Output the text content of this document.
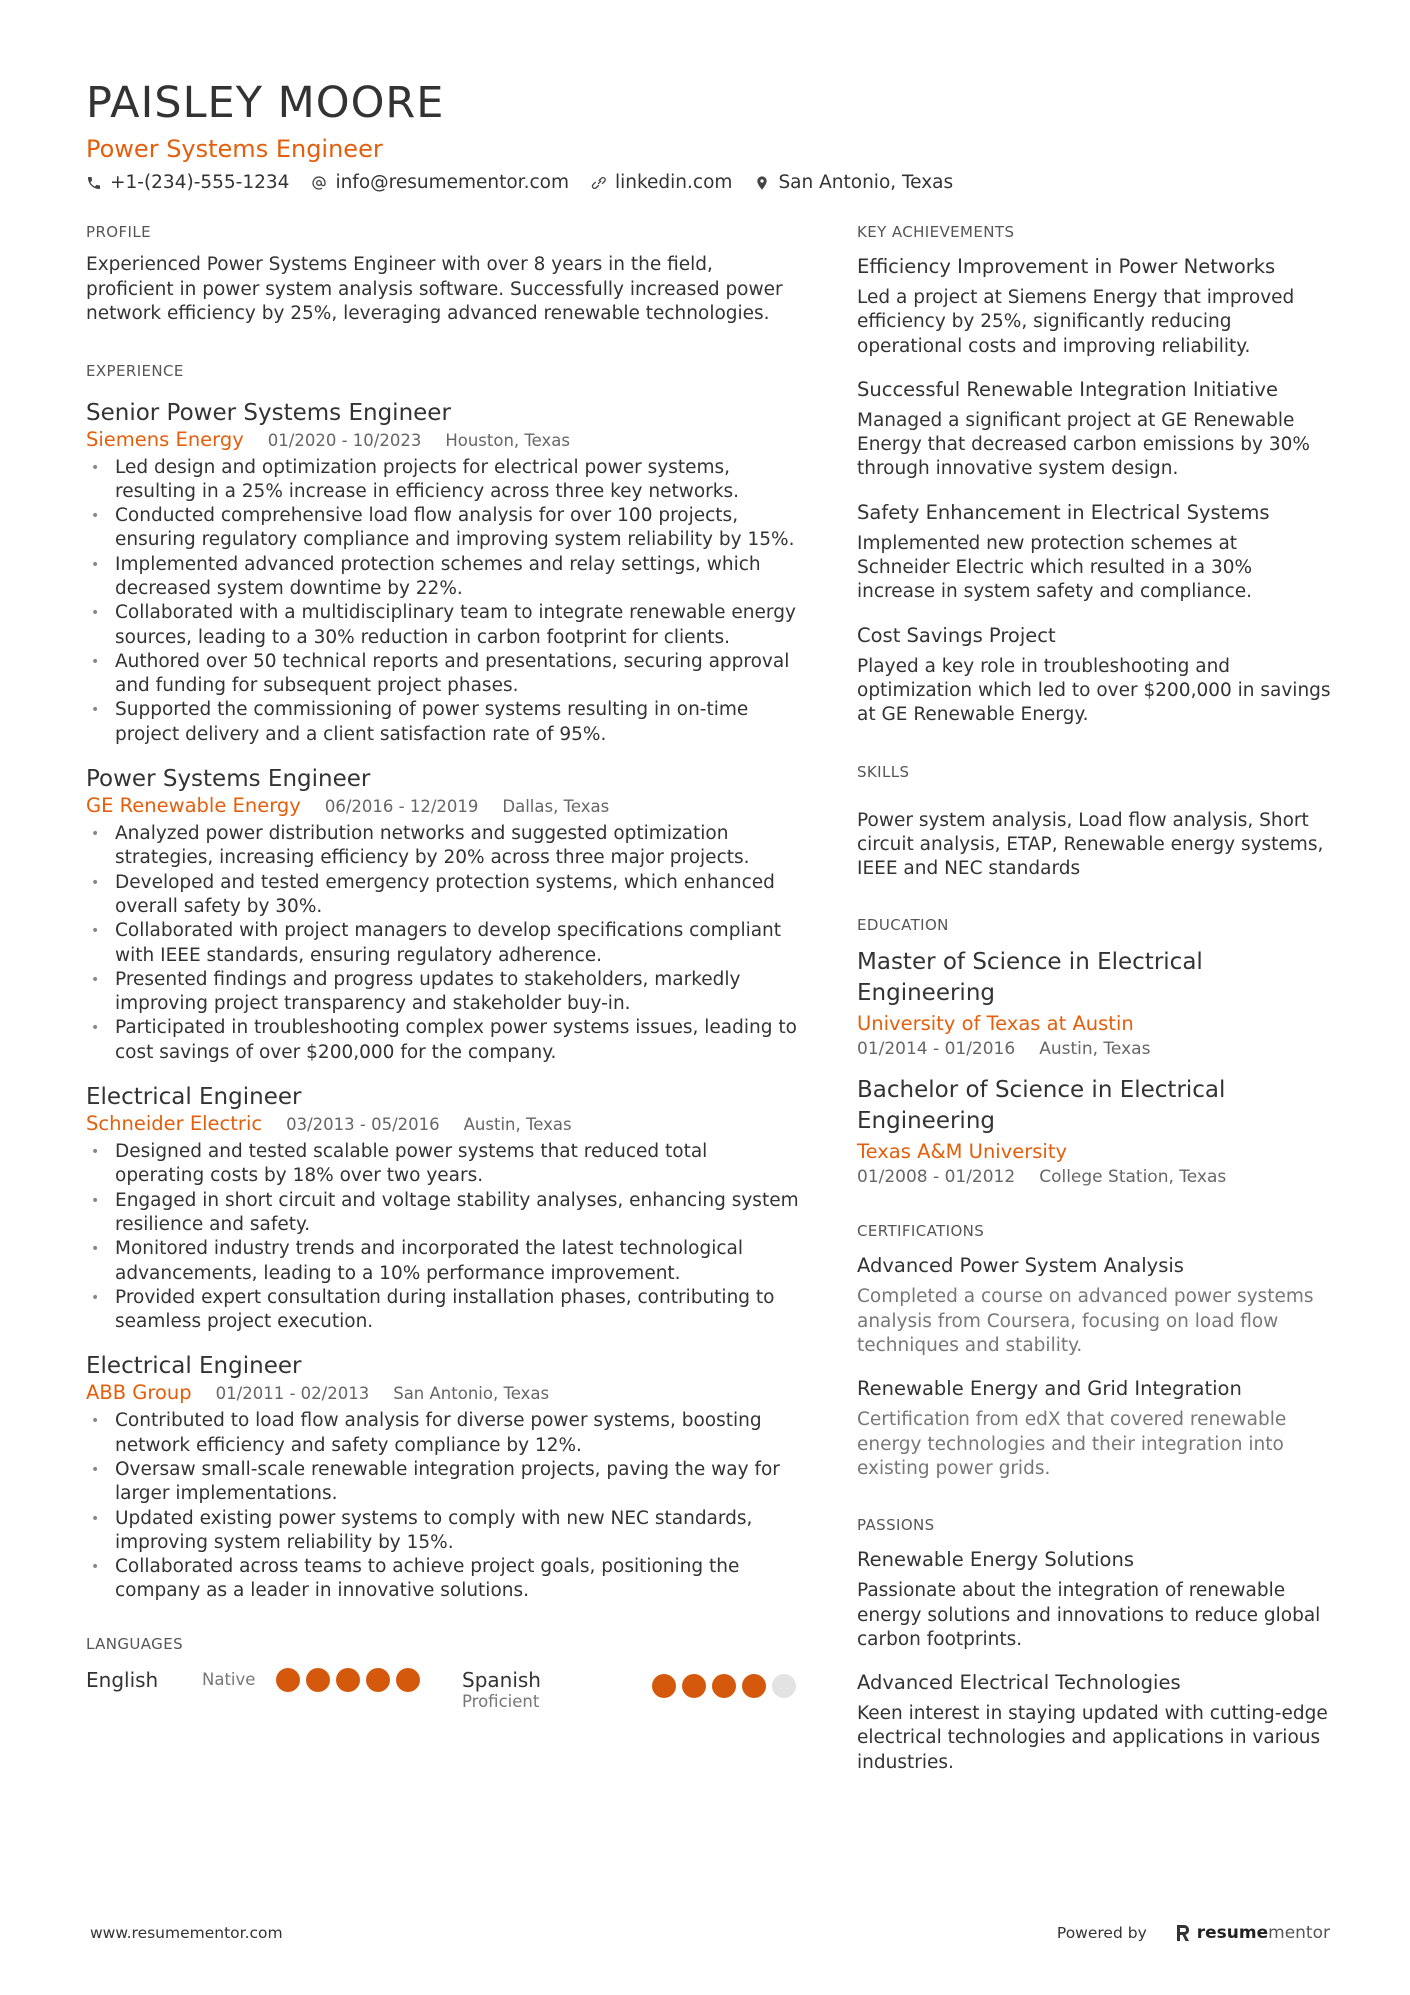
PAISLEY MOORE
Power Systems Engineer
+1-(234)-555-1234 info@resumementor.com linkedin.com San Antonio, Texas
PROFILE
Experienced Power Systems Engineer with over 8 years in the field, proficient in power system analysis software. Successfully increased power network efficiency by 25%, leveraging advanced renewable technologies.
EXPERIENCE
Senior Power Systems Engineer
Siemens Energy 01/2020 - 10/2023 Houston, Texas
• Led design and optimization projects for electrical power systems, resulting in a 25% increase in efficiency across three key networks.
• Conducted comprehensive load flow analysis for over 100 projects, ensuring regulatory compliance and improving system reliability by 15%.
• Implemented advanced protection schemes and relay settings, which decreased system downtime by 22%.
• Collaborated with a multidisciplinary team to integrate renewable energy sources, leading to a 30% reduction in carbon footprint for clients.
• Authored over 50 technical reports and presentations, securing approval and funding for subsequent project phases.
• Supported the commissioning of power systems resulting in on-time project delivery and a client satisfaction rate of 95%.
Power Systems Engineer
GE Renewable Energy 06/2016 - 12/2019 Dallas, Texas
• Analyzed power distribution networks and suggested optimization strategies, increasing efficiency by 20% across three major projects.
• Developed and tested emergency protection systems, which enhanced overall safety by 30%.
• Collaborated with project managers to develop specifications compliant with IEEE standards, ensuring regulatory adherence.
• Presented findings and progress updates to stakeholders, markedly improving project transparency and stakeholder buy-in.
• Participated in troubleshooting complex power systems issues, leading to cost savings of over $200,000 for the company.
Electrical Engineer
Schneider Electric 03/2013 - 05/2016 Austin, Texas
• Designed and tested scalable power systems that reduced total operating costs by 18% over two years.
• Engaged in short circuit and voltage stability analyses, enhancing system resilience and safety.
• Monitored industry trends and incorporated the latest technological advancements, leading to a 10% performance improvement.
• Provided expert consultation during installation phases, contributing to seamless project execution.
Electrical Engineer
ABB Group 01/2011 - 02/2013 San Antonio, Texas
• Contributed to load flow analysis for diverse power systems, boosting network efficiency and safety compliance by 12%.
• Oversaw small-scale renewable integration projects, paving the way for larger implementations.
• Updated existing power systems to comply with new NEC standards, improving system reliability by 15%.
• Collaborated across teams to achieve project goals, positioning the company as a leader in innovative solutions.
LANGUAGES
English	Native	Spanish
Proficient
KEY ACHIEVEMENTS
Efficiency Improvement in Power Networks
Led a project at Siemens Energy that improved efficiency by 25%, significantly reducing operational costs and improving reliability.
Successful Renewable Integration Initiative
Managed a significant project at GE Renewable Energy that decreased carbon emissions by 30% through innovative system design.
Safety Enhancement in Electrical Systems
Implemented new protection schemes at Schneider Electric which resulted in a 30% increase in system safety and compliance.
Cost Savings Project
Played a key role in troubleshooting and optimization which led to over $200,000 in savings at GE Renewable Energy.
SKILLS
Power system analysis, Load flow analysis, Short circuit analysis, ETAP, Renewable energy systems, IEEE and NEC standards
EDUCATION
Master of Science in Electrical Engineering
University of Texas at Austin
01/2014 - 01/2016 Austin, Texas
Bachelor of Science in Electrical Engineering
Texas A&M University
01/2008 - 01/2012 College Station, Texas
CERTIFICATIONS
Advanced Power System Analysis
Completed a course on advanced power systems analysis from Coursera, focusing on load flow techniques and stability.
Renewable Energy and Grid Integration
Certification from edX that covered renewable energy technologies and their integration into existing power grids.
PASSIONS
Renewable Energy Solutions
Passionate about the integration of renewable energy solutions and innovations to reduce global carbon footprints.
Advanced Electrical Technologies
Keen interest in staying updated with cutting-edge electrical technologies and applications in various industries.
www.resumementor.com	Powered by	resume mentor
